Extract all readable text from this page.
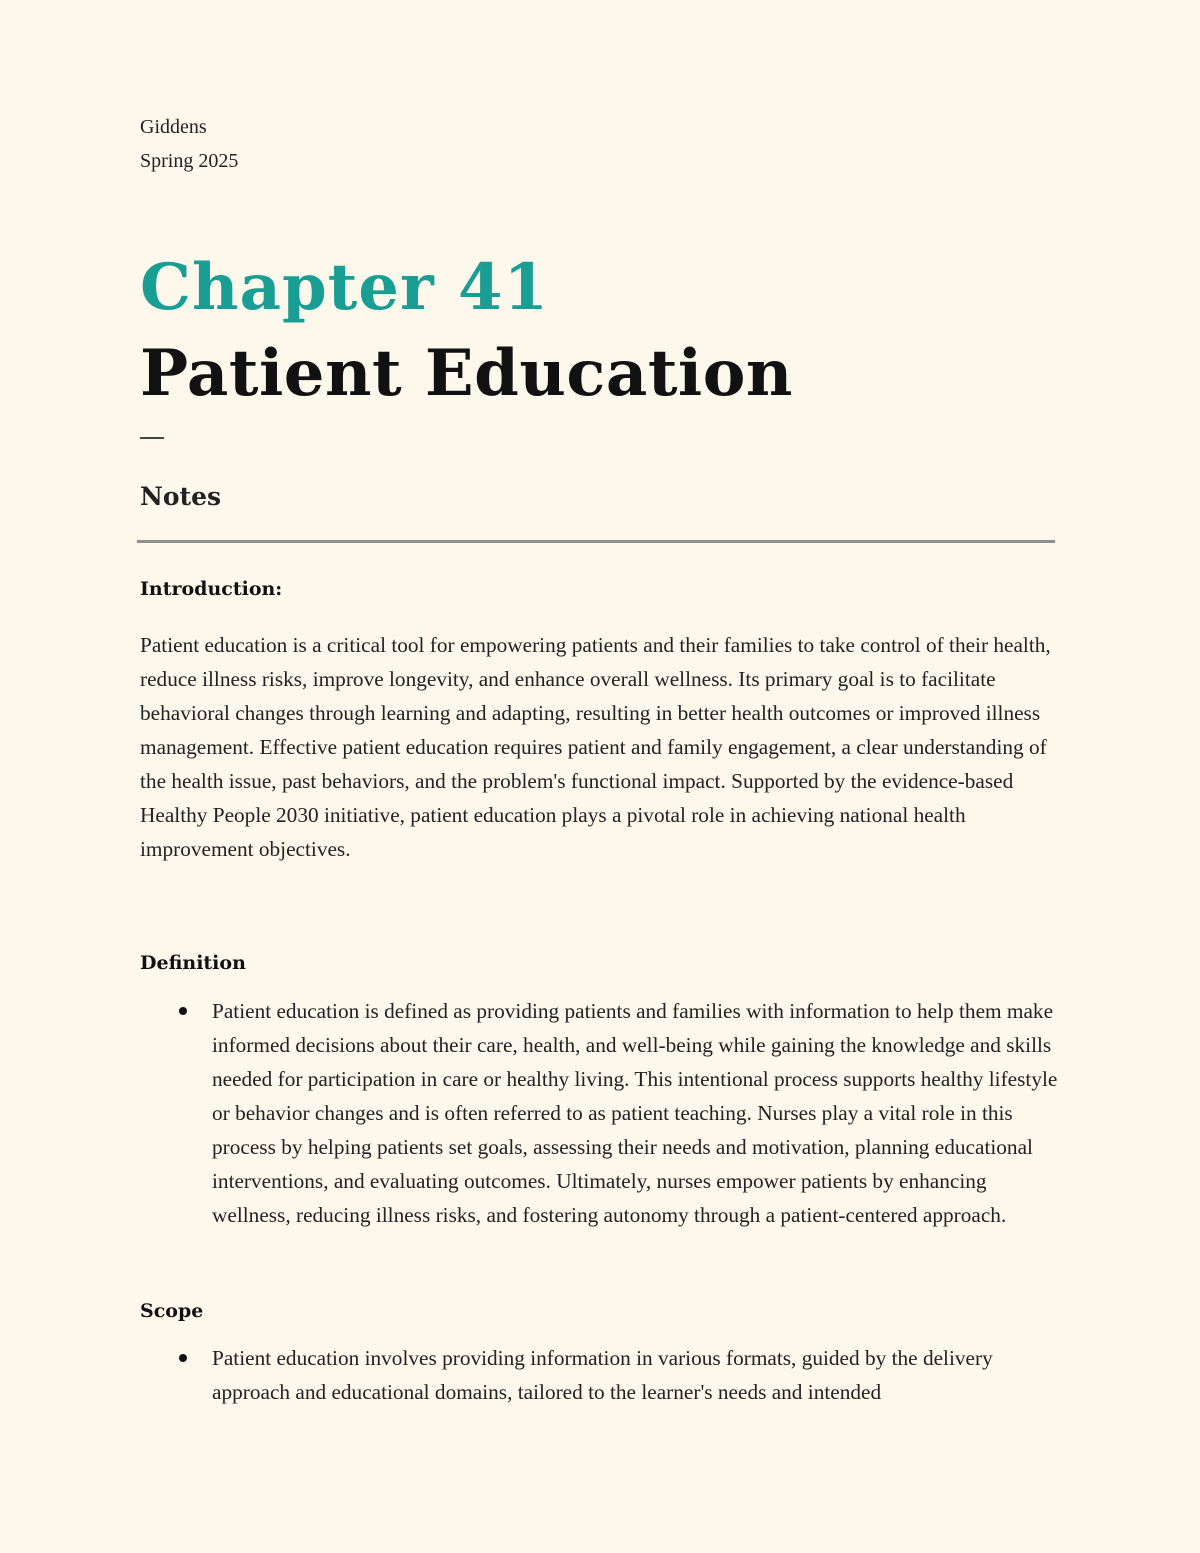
Giddens
Spring 2025
Chapter 41
Patient Education
Notes
Introduction:

Patient education is a critical tool for empowering patients and their families to take control of their health, reduce illness risks, improve longevity, and enhance overall wellness. Its primary goal is to facilitate behavioral changes through learning and adapting, resulting in better health outcomes or improved illness management. Effective patient education requires patient and family engagement, a clear understanding of the health issue, past behaviors, and the problem's functional impact. Supported by the evidence-based Healthy People 2030 initiative, patient education plays a pivotal role in achieving national health improvement objectives.

Definition
Patient education is defined as providing patients and families with information to help them make informed decisions about their care, health, and well-being while gaining the knowledge and skills needed for participation in care or healthy living. This intentional process supports healthy lifestyle or behavior changes and is often referred to as patient teaching. Nurses play a vital role in this process by helping patients set goals, assessing their needs and motivation, planning educational interventions, and evaluating outcomes. Ultimately, nurses empower patients by enhancing wellness, reducing illness risks, and fostering autonomy through a patient-centered approach.
Scope
Patient education involves providing information in various formats, guided by the delivery approach and educational domains, tailored to the learner's needs and intended
